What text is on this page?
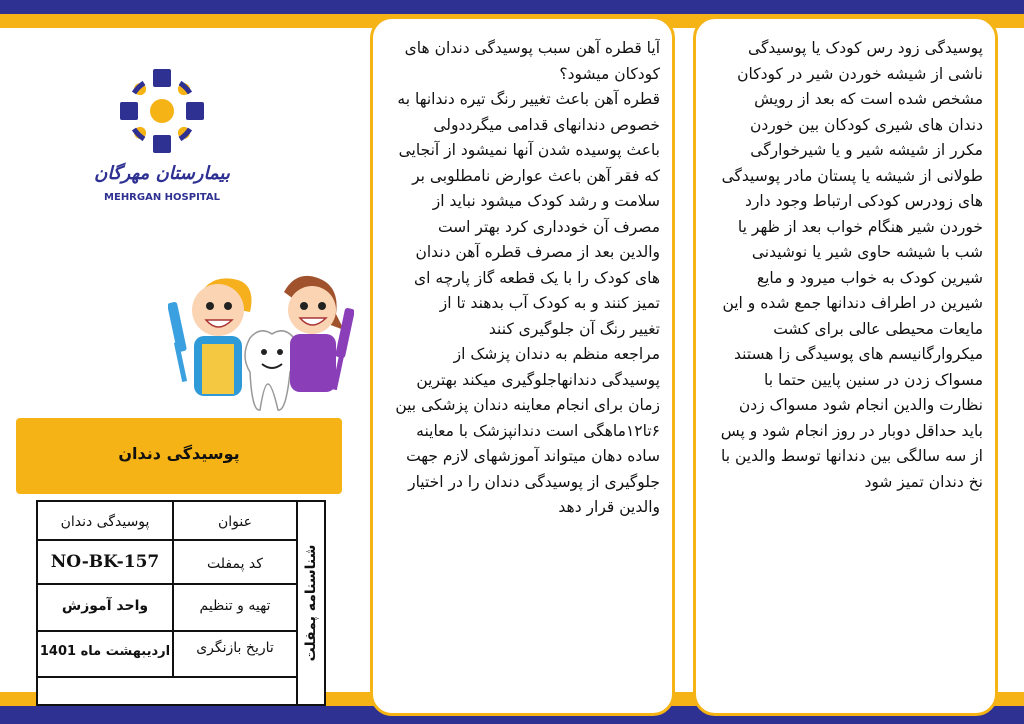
بیمارستان مهرگان
MEHRGAN HOSPITAL
پوسیدگی دندان
پوسیدگی دندان	عنوان
NO-BK-157	کد پمفلت
واحد آموزش	تهیه و تنظیم
اردیبهشت ماه 1401	تاریخ بازنگری	شناسنامه پمفلت
آیا قطره آهن سبب پوسیدگی دندان های
کودکان میشود؟
قطره آهن باعث تغییر رنگ تیره دندانها به
خصوص دندانهای قدامی میگرددولی
باعث پوسیده شدن آنها نمیشود از آنجایی
که فقر آهن باعث عوارض نامطلوبی بر
سلامت و رشد کودک میشود نباید از
مصرف آن خودداری کرد بهتر است
والدین بعد از مصرف قطره آهن دندان
های کودک را با یک قطعه گاز پارچه ای
تمیز کنند و به کودک آب بدهند تا از
تغییر رنگ آن جلوگیری کنند
مراجعه منظم به دندان پزشک از
پوسیدگی دندانهاجلوگیری میکند بهترین
زمان برای انجام معاینه دندان پزشکی بین
۶تا۱۲ماهگی است دندانپزشک با معاینه
ساده دهان میتواند آموزشهای لازم جهت
جلوگیری از پوسیدگی دندان را در اختیار
والدین قرار دهد
پوسیدگی زود رس کودک یا پوسیدگی
ناشی از شیشه خوردن شیر در کودکان
مشخص شده است که بعد از رویش
دندان های شیری کودکان بین خوردن
مکرر از شیشه شیر و یا شیرخوارگی
طولانی از شیشه یا پستان مادر پوسیدگی
های زودرس کودکی ارتباط وجود دارد
خوردن شیر هنگام خواب بعد از ظهر یا
شب با شیشه حاوی شیر یا نوشیدنی
شیرین کودک به خواب میرود و مایع
شیرین در اطراف دندانها جمع شده و این
مایعات محیطی عالی برای کشت
میکروارگانیسم های پوسیدگی زا هستند
مسواک زدن در سنین پایین حتما با
نظارت والدین انجام شود مسواک زدن
باید حداقل دوبار در روز انجام شود و پس
از سه سالگی بین دندانها توسط والدین با
نخ دندان تمیز شود
